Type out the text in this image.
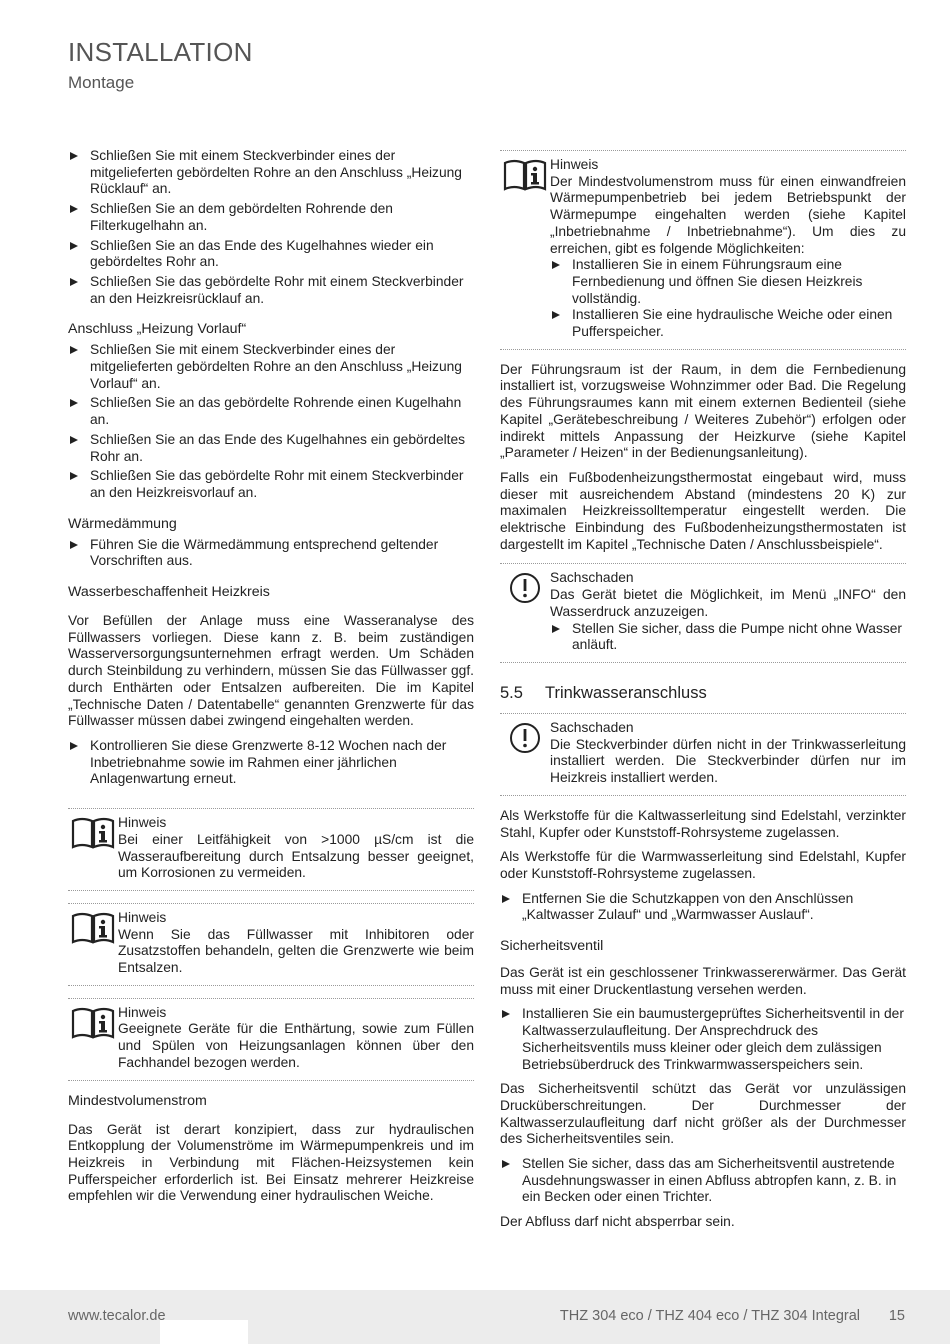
INSTALLATION
Montage
Schließen Sie mit einem Steckverbinder eines der mitgelieferten gebördelten Rohre an den Anschluss „Heizung Rücklauf“ an.
Schließen Sie an dem gebördelten Rohrende den Filterkugelhahn an.
Schließen Sie an das Ende des Kugelhahnes wieder ein gebördeltes Rohr an.
Schließen Sie das gebördelte Rohr mit einem Steckverbinder an den Heizkreisrücklauf an.
Anschluss „Heizung Vorlauf“
Schließen Sie mit einem Steckverbinder eines der mitgelieferten gebördelten Rohre an den Anschluss „Heizung Vorlauf“ an.
Schließen Sie an das gebördelte Rohrende einen Kugelhahn an.
Schließen Sie an das Ende des Kugelhahnes ein gebördeltes Rohr an.
Schließen Sie das gebördelte Rohr mit einem Steckverbinder an den Heizkreisvorlauf an.
Wärmedämmung
Führen Sie die Wärmedämmung entsprechend geltender Vorschriften aus.
Wasserbeschaffenheit Heizkreis

Vor Befüllen der Anlage muss eine Wasseranalyse des Füllwassers vorliegen. Diese kann z. B. beim zuständigen Wasserversorgungsunternehmen erfragt werden. Um Schäden durch Steinbildung zu verhindern, müssen Sie das Füllwasser ggf. durch Enthärten oder Entsalzen aufbereiten. Die im Kapitel „Technische Daten / Datentabelle“ genannten Grenzwerte für das Füllwasser müssen dabei zwingend eingehalten werden.

Kontrollieren Sie diese Grenzwerte 8-12 Wochen nach der Inbetriebnahme sowie im Rahmen einer jährlichen Anlagenwartung erneut.
Hinweis
Bei einer Leitfähigkeit von >1000 µS/cm ist die Wasseraufbereitung durch Entsalzung besser geeignet, um Korrosionen zu vermeiden.
Hinweis
Wenn Sie das Füllwasser mit Inhibitoren oder Zusatzstoffen behandeln, gelten die Grenzwerte wie beim Entsalzen.
Hinweis
Geeignete Geräte für die Enthärtung, sowie zum Füllen und Spülen von Heizungsanlagen können über den Fachhandel bezogen werden.
Mindestvolumenstrom

Das Gerät ist derart konzipiert, dass zur hydraulischen Entkopplung der Volumenströme im Wärmepumpenkreis und im Heizkreis in Verbindung mit Flächen-Heizsystemen kein Pufferspeicher erforderlich ist. Bei Einsatz mehrerer Heizkreise empfehlen wir die Verwendung einer hydraulischen Weiche.

Hinweis
Der Mindestvolumenstrom muss für einen einwandfreien Wärmepumpenbetrieb bei jedem Betriebspunkt der Wärmepumpe eingehalten werden (siehe Kapitel „Inbetriebnahme / Inbetriebnahme“). Um dies zu erreichen, gibt es folgende Möglichkeiten:
Installieren Sie in einem Führungsraum eine Fernbedienung und öffnen Sie diesen Heizkreis vollständig.
Installieren Sie eine hydraulische Weiche oder einen Pufferspeicher.

Der Führungsraum ist der Raum, in dem die Fernbedienung installiert ist, vorzugsweise Wohnzimmer oder Bad. Die Regelung des Führungsraumes kann mit einem externen Bedienteil (siehe Kapitel „Gerätebeschreibung / Weiteres Zubehör“) erfolgen oder indirekt mittels Anpassung der Heizkurve (siehe Kapitel „Parameter / Heizen“ in der Bedienungsanleitung).

Falls ein Fußbodenheizungsthermostat eingebaut wird, muss dieser mit ausreichendem Abstand (mindestens 20 K) zur maximalen Heizkreissolltemperatur eingestellt werden. Die elektrische Einbindung des Fußbodenheizungsthermostaten ist dargestellt im Kapitel „Technische Daten / Anschlussbeispiele“.

Sachschaden
Das Gerät bietet die Möglichkeit, im Menü „INFO“ den Wasserdruck anzuzeigen.
Stellen Sie sicher, dass die Pumpe nicht ohne Wasser anläuft.
5.5 Trinkwasseranschluss
Sachschaden
Die Steckverbinder dürfen nicht in der Trinkwasserleitung installiert werden. Die Steckverbinder dürfen nur im Heizkreis installiert werden.

Als Werkstoffe für die Kaltwasserleitung sind Edelstahl, verzinkter Stahl, Kupfer oder Kunststoff-Rohrsysteme zugelassen.

Als Werkstoffe für die Warmwasserleitung sind Edelstahl, Kupfer oder Kunststoff-Rohrsysteme zugelassen.

Entfernen Sie die Schutzkappen von den Anschlüssen „Kaltwasser Zulauf“ und „Warmwasser Auslauf“.
Sicherheitsventil

Das Gerät ist ein geschlossener Trinkwassererwärmer. Das Gerät muss mit einer Druckentlastung versehen werden.

Installieren Sie ein baumustergeprüftes Sicherheitsventil in der Kaltwasserzulaufleitung. Der Ansprechdruck des Sicherheitsventils muss kleiner oder gleich dem zulässigen Betriebsüberdruck des Trinkwarmwasserspeichers sein.

Das Sicherheitsventil schützt das Gerät vor unzulässigen Drucküberschreitungen. Der Durchmesser der Kaltwasserzulaufleitung darf nicht größer als der Durchmesser des Sicherheitsventiles sein.

Stellen Sie sicher, dass das am Sicherheitsventil austretende Ausdehnungswasser in einen Abfluss abtropfen kann, z. B. in ein Becken oder einen Trichter.

Der Abfluss darf nicht absperrbar sein.

www.tecalor.de	THZ 304 eco / THZ 404 eco / THZ 304 Integral 15
